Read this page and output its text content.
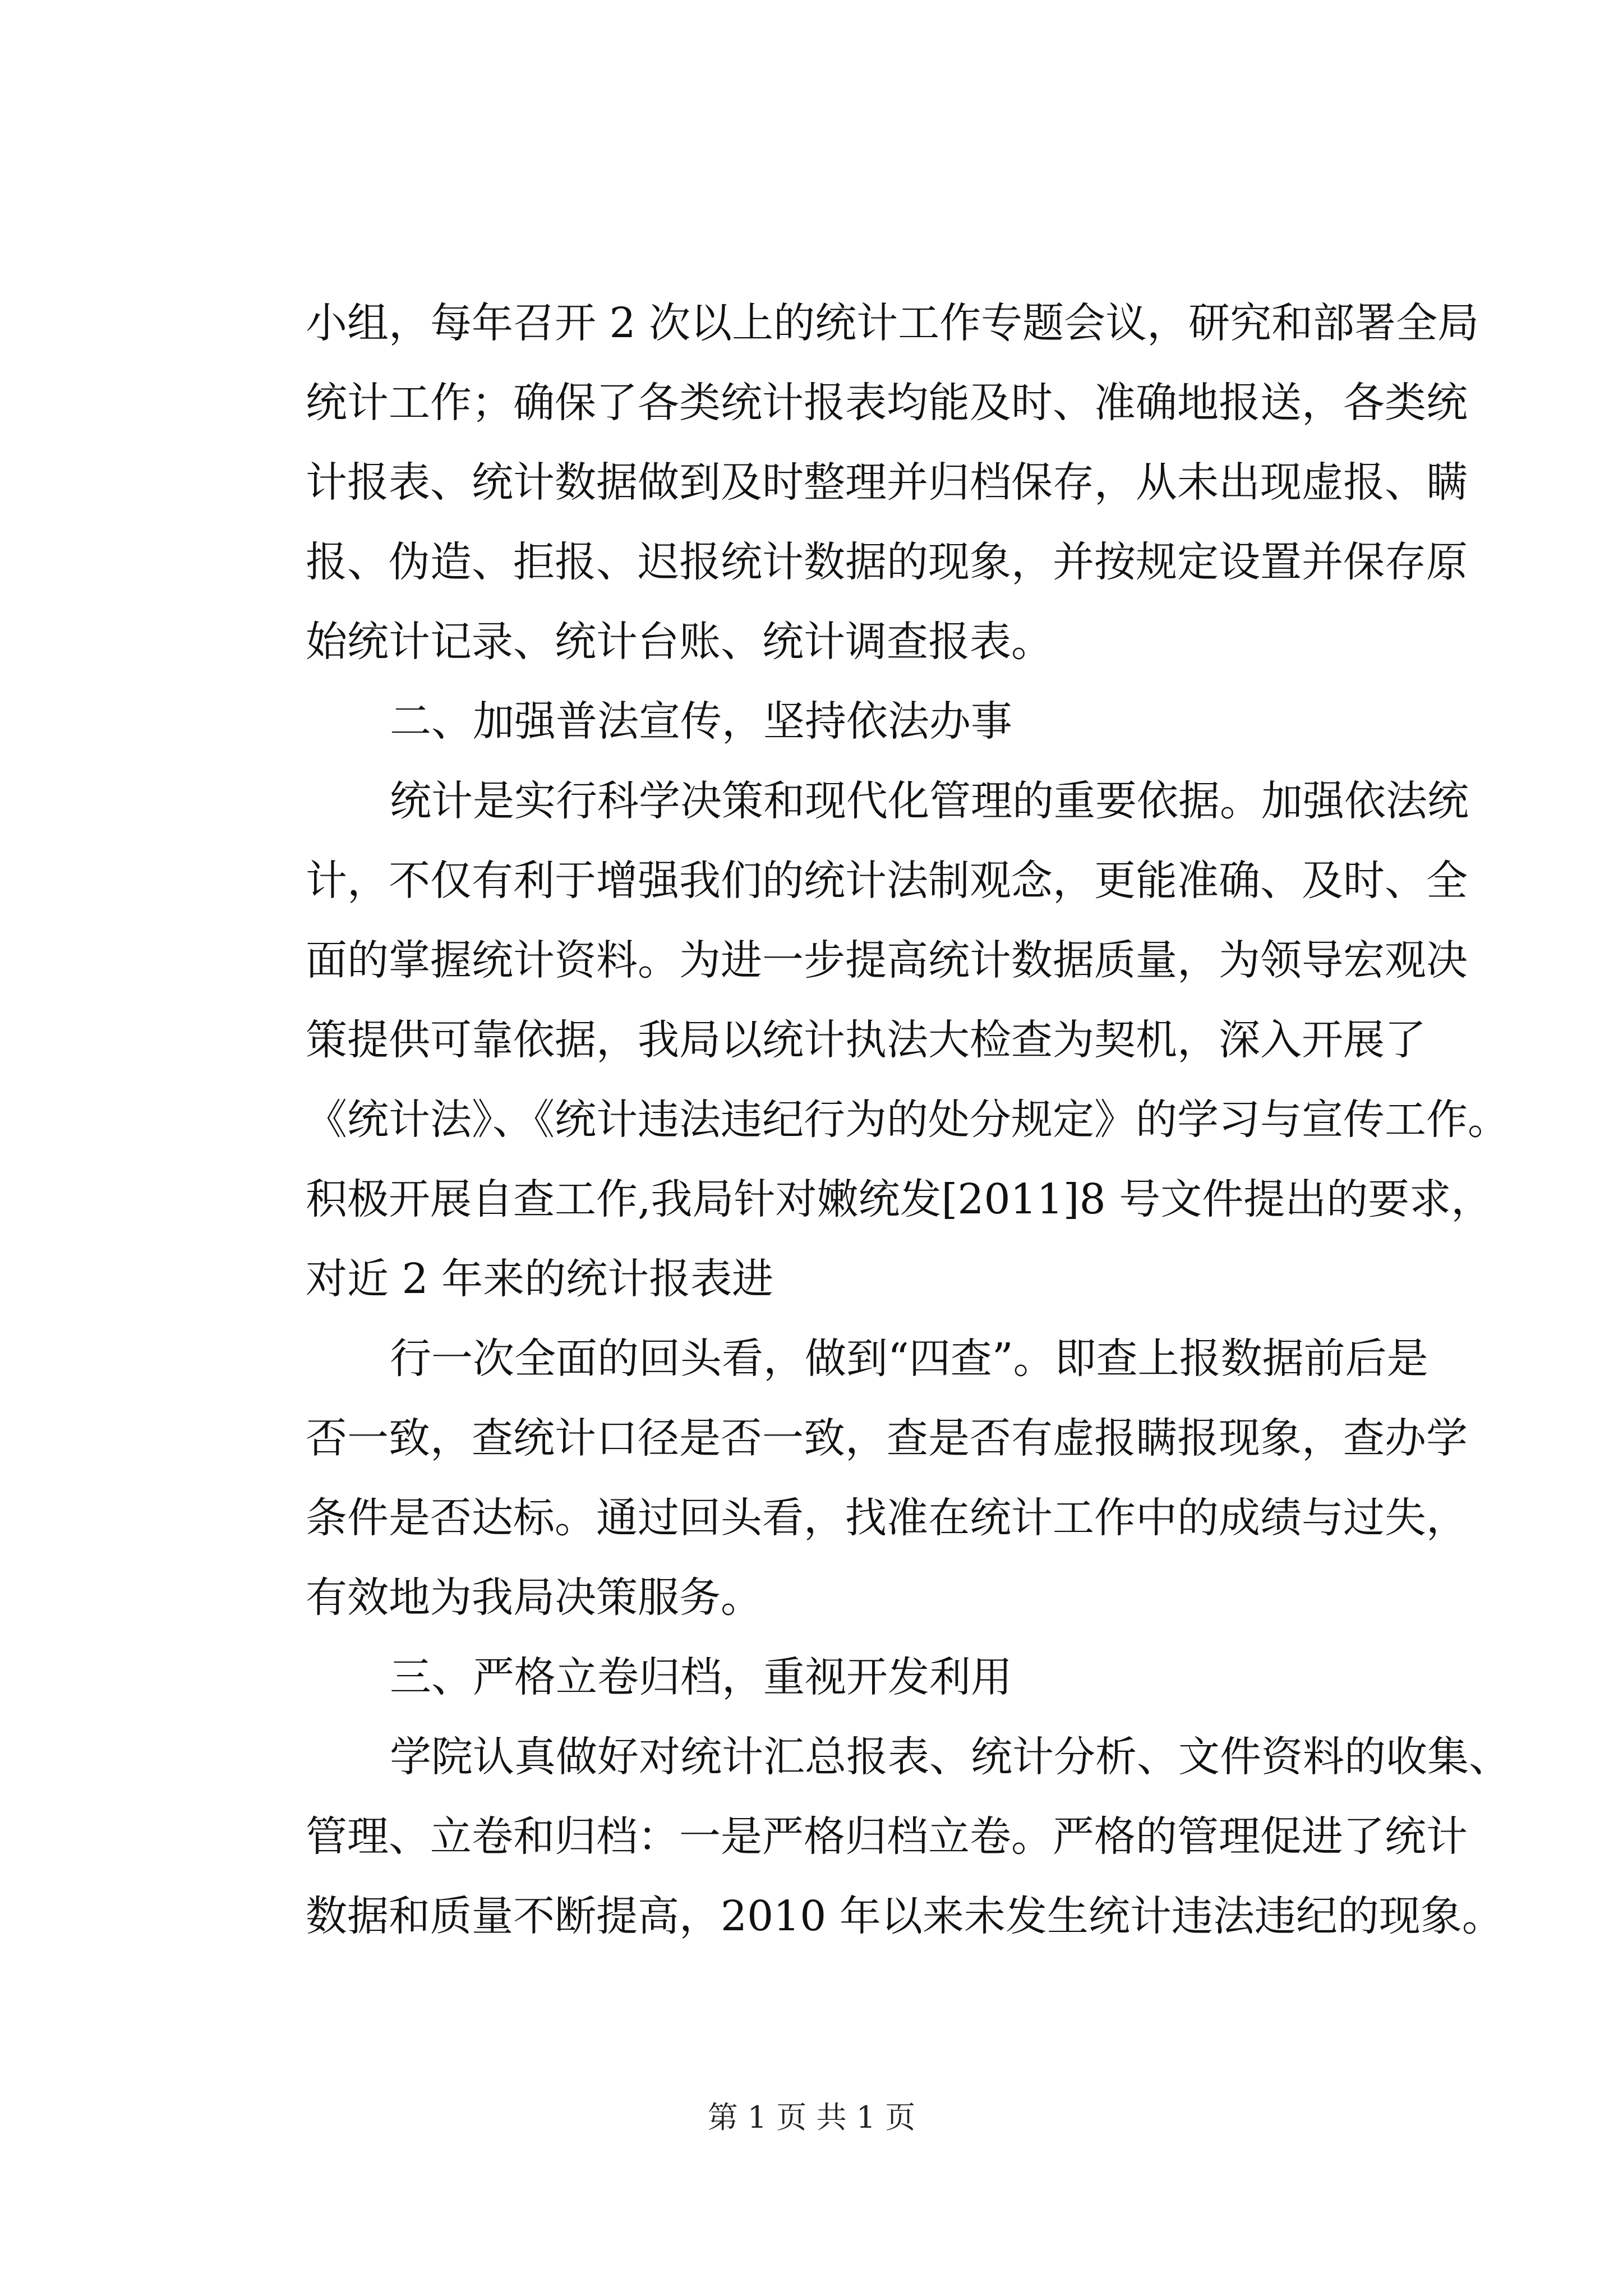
小组，每年召开 2 次以上的统计工作专题会议，研究和部署全局
统计工作；确保了各类统计报表均能及时、准确地报送，各类统
计报表、统计数据做到及时整理并归档保存，从未出现虚报、瞒
报、伪造、拒报、迟报统计数据的现象，并按规定设置并保存原
始统计记录、统计台账、统计调查报表。
二、加强普法宣传，坚持依法办事
统计是实行科学决策和现代化管理的重要依据。加强依法统
计，不仅有利于增强我们的统计法制观念，更能准确、及时、全
面的掌握统计资料。为进一步提高统计数据质量，为领导宏观决
策提供可靠依据，我局以统计执法大检查为契机，深入开展了
《统计法》、《统计违法违纪行为的处分规定》的学习与宣传工作。
积极开展自查工作,我局针对嫩统发[2011]8 号文件提出的要求，
对近 2 年来的统计报表进
行一次全面的回头看，做到“四查”。即查上报数据前后是
否一致，查统计口径是否一致，查是否有虚报瞒报现象，查办学
条件是否达标。通过回头看，找准在统计工作中的成绩与过失，
有效地为我局决策服务。
三、严格立卷归档，重视开发利用
学院认真做好对统计汇总报表、统计分析、文件资料的收集、
管理、立卷和归档：一是严格归档立卷。严格的管理促进了统计
数据和质量不断提高，2010 年以来未发生统计违法违纪的现象。
第 1 页 共 1 页
